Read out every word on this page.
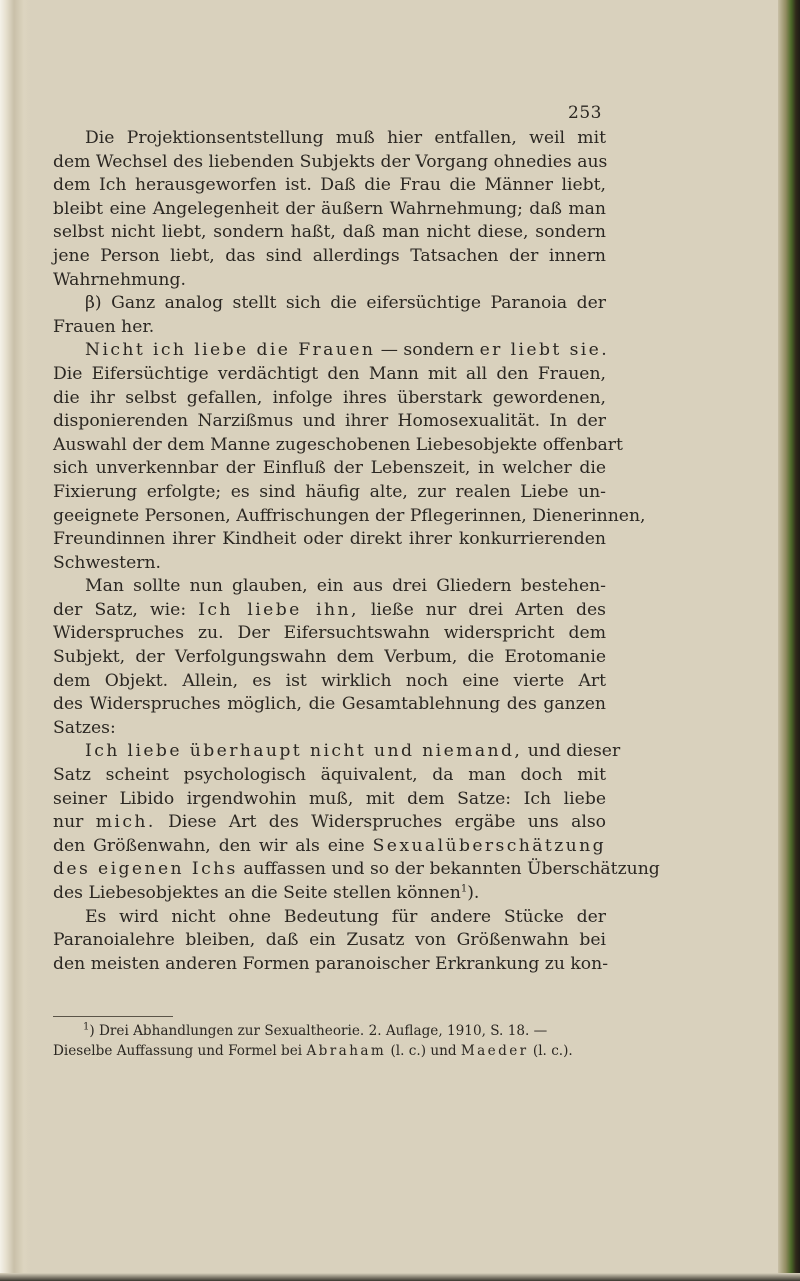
253
Die Projektionsentstellung muß hier entfallen, weil mit
dem Wechsel des liebenden Subjekts der Vorgang ohnedies aus
dem Ich herausgeworfen ist. Daß die Frau die Männer liebt,
bleibt eine Angelegenheit der äußern Wahrnehmung; daß man
selbst nicht liebt, sondern haßt, daß man nicht diese, sondern
jene Person liebt, das sind allerdings Tatsachen der innern
Wahrnehmung.
β) Ganz analog stellt sich die eifersüchtige Paranoia der
Frauen her.
Nicht ich liebe die Frauen — sondern er liebt sie.
Die Eifersüchtige verdächtigt den Mann mit all den Frauen,
die ihr selbst gefallen, infolge ihres überstark gewordenen,
disponierenden Narzißmus und ihrer Homosexualität. In der
Auswahl der dem Manne zugeschobenen Liebesobjekte offenbart
sich unverkennbar der Einfluß der Lebenszeit, in welcher die
Fixierung erfolgte; es sind häufig alte, zur realen Liebe un-
geeignete Personen, Auffrischungen der Pflegerinnen, Dienerinnen,
Freundinnen ihrer Kindheit oder direkt ihrer konkurrierenden
Schwestern.
Man sollte nun glauben, ein aus drei Gliedern bestehen-
der Satz, wie: Ich liebe ihn, ließe nur drei Arten des
Widerspruches zu. Der Eifersuchtswahn widerspricht dem
Subjekt, der Verfolgungswahn dem Verbum, die Erotomanie
dem Objekt. Allein, es ist wirklich noch eine vierte Art
des Widerspruches möglich, die Gesamtablehnung des ganzen
Satzes:
Ich liebe überhaupt nicht und niemand, und dieser
Satz scheint psychologisch äquivalent, da man doch mit
seiner Libido irgendwohin muß, mit dem Satze: Ich liebe
nur mich. Diese Art des Widerspruches ergäbe uns also
den Größenwahn, den wir als eine Sexualüberschätzung
des eigenen Ichs auffassen und so der bekannten Überschätzung
des Liebesobjektes an die Seite stellen können$^1$).
Es wird nicht ohne Bedeutung für andere Stücke der
Paranoialehre bleiben, daß ein Zusatz von Größenwahn bei
den meisten anderen Formen paranoischer Erkrankung zu kon-
$^1$) Drei Abhandlungen zur Sexualtheorie. 2. Auflage, 1910, S. 18. —
Dieselbe Auffassung und Formel bei Abraham (l. c.) und Maeder (l. c.).
